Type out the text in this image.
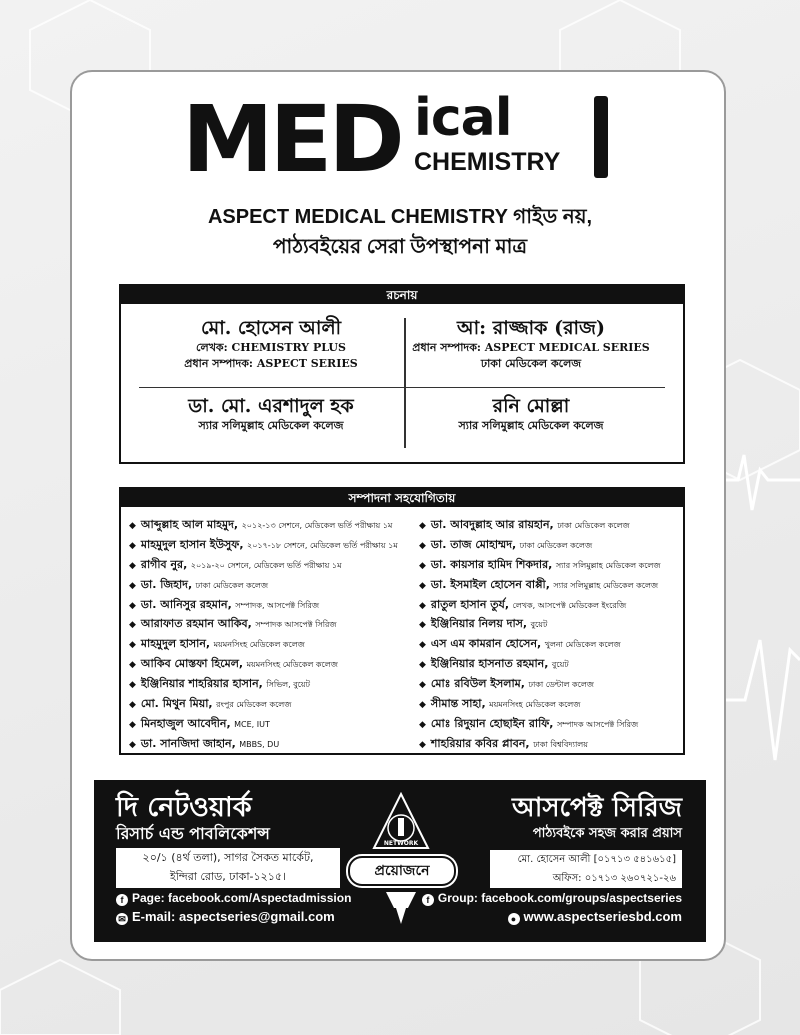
MED ical
CHEMISTRY
ASPECT MEDICAL CHEMISTRY গাইড নয়,
পাঠ্যবইয়ের সেরা উপস্থাপনা মাত্র
রচনায়
মো. হোসেন আলী
লেখক: CHEMISTRY PLUS
প্রধান সম্পাদক: ASPECT SERIES
আ: রাজ্জাক (রাজ)
প্রধান সম্পাদক: ASPECT MEDICAL SERIES
ঢাকা মেডিকেল কলেজ
ডা. মো. এরশাদুল হক
স্যার সলিমুল্লাহ মেডিকেল কলেজ
রনি মোল্লা
স্যার সলিমুল্লাহ মেডিকেল কলেজ
সম্পাদনা সহযোগিতায়
◆ আব্দুল্লাহ আল মাহমুদ, ২০১২-১৩ সেশনে, মেডিকেল ভর্তি পরীক্ষায় ১ম
◆ মাহমুদুল হাসান ইউসুফ, ২০১৭-১৮ সেশনে, মেডিকেল ভর্তি পরীক্ষায় ১ম
◆ রাগীব নুর, ২০১৯-২০ সেশনে, মেডিকেল ভর্তি পরীক্ষায় ১ম
◆ ডা. জিহাদ, ঢাকা মেডিকেল কলেজ
◆ ডা. আনিসুর রহমান, সম্পাদক, আসপেক্ট সিরিজ
◆ আরাফাত রহমান আকিব, সম্পাদক আসপেক্ট সিরিজ
◆ মাহমুদুল হাসান, ময়মনসিংহ মেডিকেল কলেজ
◆ আকিব মোস্তফা হিমেল, ময়মনসিংহ মেডিকেল কলেজ
◆ ইঞ্জিনিয়ার শাহরিয়ার হাসান, সিভিল, বুয়েট
◆ মো. মিথুন মিয়া, রংপুর মেডিকেল কলেজ
◆ মিনহাজুল আবেদীন, MCE, IUT
◆ ডা. সানজিদা জাহান, MBBS, DU
◆ ডা. আবদুল্লাহ আর রায়হান, ঢাকা মেডিকেল কলেজ
◆ ডা. তাজ মোহাম্মদ, ঢাকা মেডিকেল কলেজ
◆ ডা. কায়সার হামিদ শিকদার, স্যার সলিমুল্লাহ মেডিকেল কলেজ
◆ ডা. ইসমাইল হোসেন বাপ্পী, স্যার সলিমুল্লাহ মেডিকেল কলেজ
◆ রাতুল হাসান তুর্য, লেখক, আসপেক্ট মেডিকেল ইংরেজি
◆ ইঞ্জিনিয়ার নিলয় দাস, বুয়েট
◆ এস এম কামরান হোসেন, খুলনা মেডিকেল কলেজ
◆ ইঞ্জিনিয়ার হাসনাত রহমান, বুয়েট
◆ মোঃ রবিউল ইসলাম, ঢাকা ডেন্টাল কলেজ
◆ সীমান্ত সাহা, ময়মনসিংহ মেডিকেল কলেজ
◆ মোঃ রিদুয়ান হোছাইন রাফি, সম্পাদক আসপেক্ট সিরিজ
◆ শাহরিয়ার কবির প্লাবন, ঢাকা বিশ্ববিদ্যালয়
দি নেটওয়ার্ক
রিসার্চ এন্ড পাবলিকেশন্স
আসপেক্ট সিরিজ
পাঠ্যবইকে সহজ করার প্রয়াস
২০/১ (৪র্থ তলা), সাগর সৈকত মার্কেট,
ইন্দিরা রোড, ঢাকা-১২১৫।
মো. হোসেন আলী [০১৭১৩ ৫৪১৬১৫]
অফিস: ০১৭১৩ ২৬০৭২১-২৬
NETWORK
প্রয়োজনে
f Page: facebook.com/Aspectadmission
✉ E-mail: aspectseries@gmail.com
f Group: facebook.com/groups/aspectseries
● www.aspectseriesbd.com
